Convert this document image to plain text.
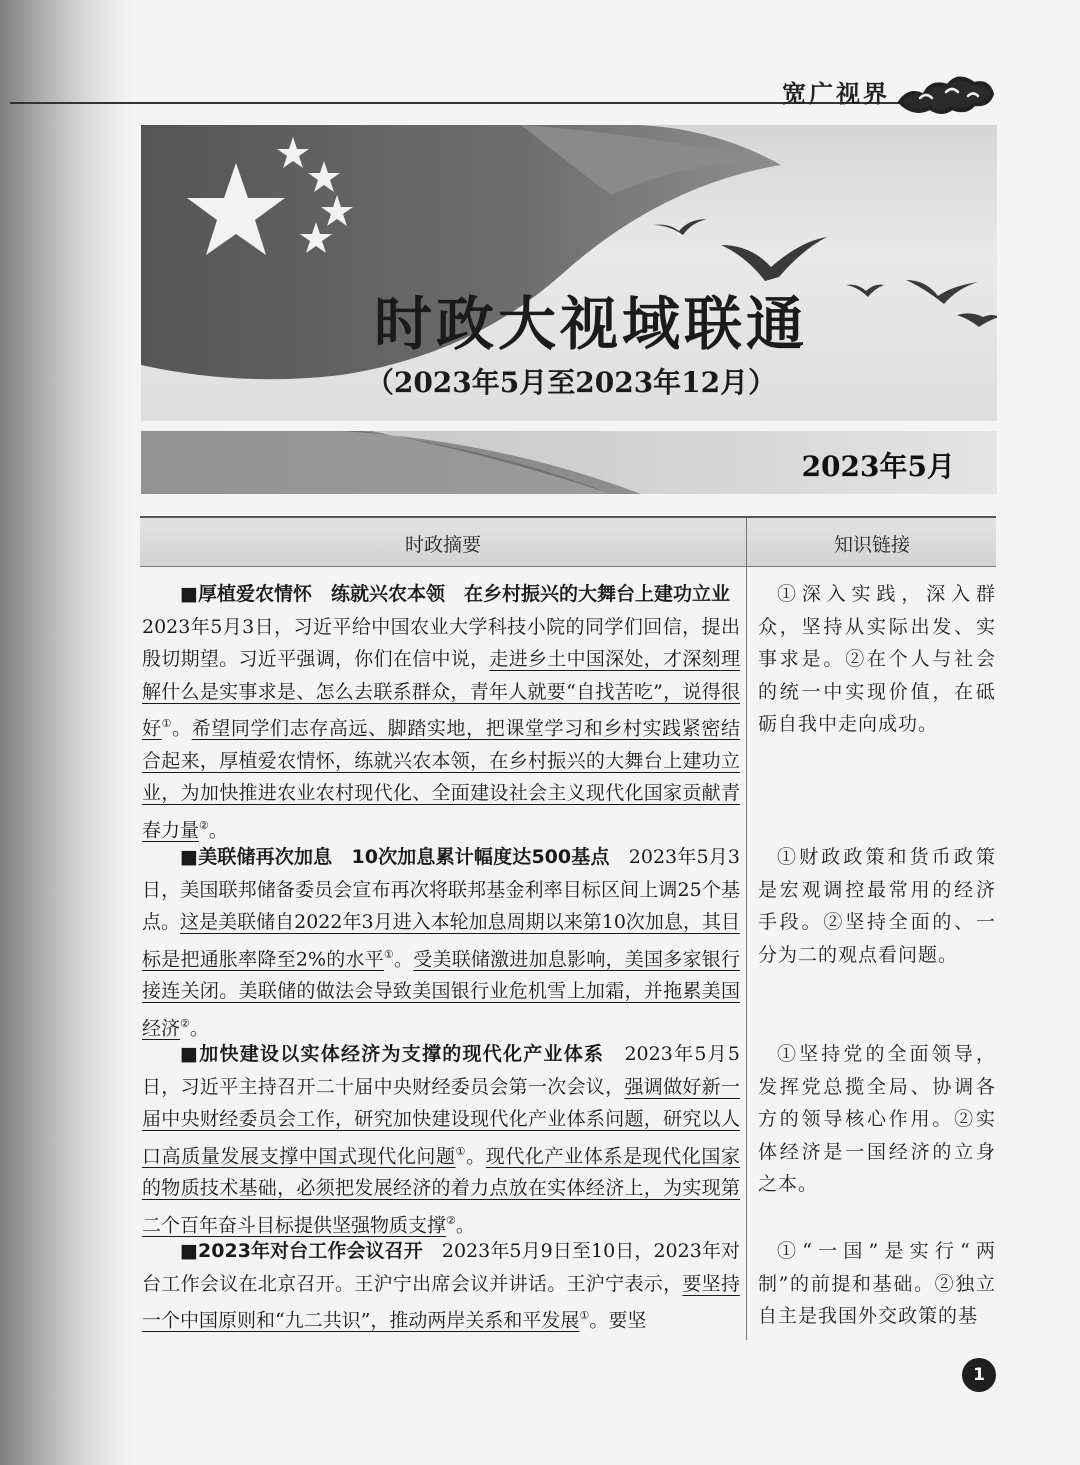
宽广视界
时政大视域联通
（2023年5月至2023年12月）
2023年5月
时政摘要	知识链接
■厚植爱农情怀　练就兴农本领　在乡村振兴的大舞台上建功立业　2023年5月3日，习近平给中国农业大学科技小院的同学们回信，提出殷切期望。习近平强调，你们在信中说，走进乡土中国深处，才深刻理解什么是实事求是、怎么去联系群众，青年人就要“自找苦吃”，说得很好①。希望同学们志存高远、脚踏实地，把课堂学习和乡村实践紧密结合起来，厚植爱农情怀，练就兴农本领，在乡村振兴的大舞台上建功立业，为加快推进农业农村现代化、全面建设社会主义现代化国家贡献青春力量②。
■美联储再次加息　10次加息累计幅度达500基点　2023年5月3日，美国联邦储备委员会宣布再次将联邦基金利率目标区间上调25个基点。这是美联储自2022年3月进入本轮加息周期以来第10次加息，其目标是把通胀率降至2%的水平①。受美联储激进加息影响，美国多家银行接连关闭。美联储的做法会导致美国银行业危机雪上加霜，并拖累美国经济②。
■加快建设以实体经济为支撑的现代化产业体系　2023年5月5日，习近平主持召开二十届中央财经委员会第一次会议，强调做好新一届中央财经委员会工作，研究加快建设现代化产业体系问题，研究以人口高质量发展支撑中国式现代化问题①。现代化产业体系是现代化国家的物质技术基础，必须把发展经济的着力点放在实体经济上，为实现第二个百年奋斗目标提供坚强物质支撑②。
■2023年对台工作会议召开　2023年5月9日至10日，2023年对台工作会议在北京召开。王沪宁出席会议并讲话。王沪宁表示，要坚持一个中国原则和“九二共识”，推动两岸关系和平发展①。要坚
①深入实践，深入群众，坚持从实际出发、实事求是。②在个人与社会的统一中实现价值，在砥砺自我中走向成功。
①财政政策和货币政策是宏观调控最常用的经济手段。②坚持全面的、一分为二的观点看问题。
①坚持党的全面领导，发挥党总揽全局、协调各方的领导核心作用。②实体经济是一国经济的立身之本。
①“一国”是实行“两制”的前提和基础。②独立自主是我国外交政策的基
1
